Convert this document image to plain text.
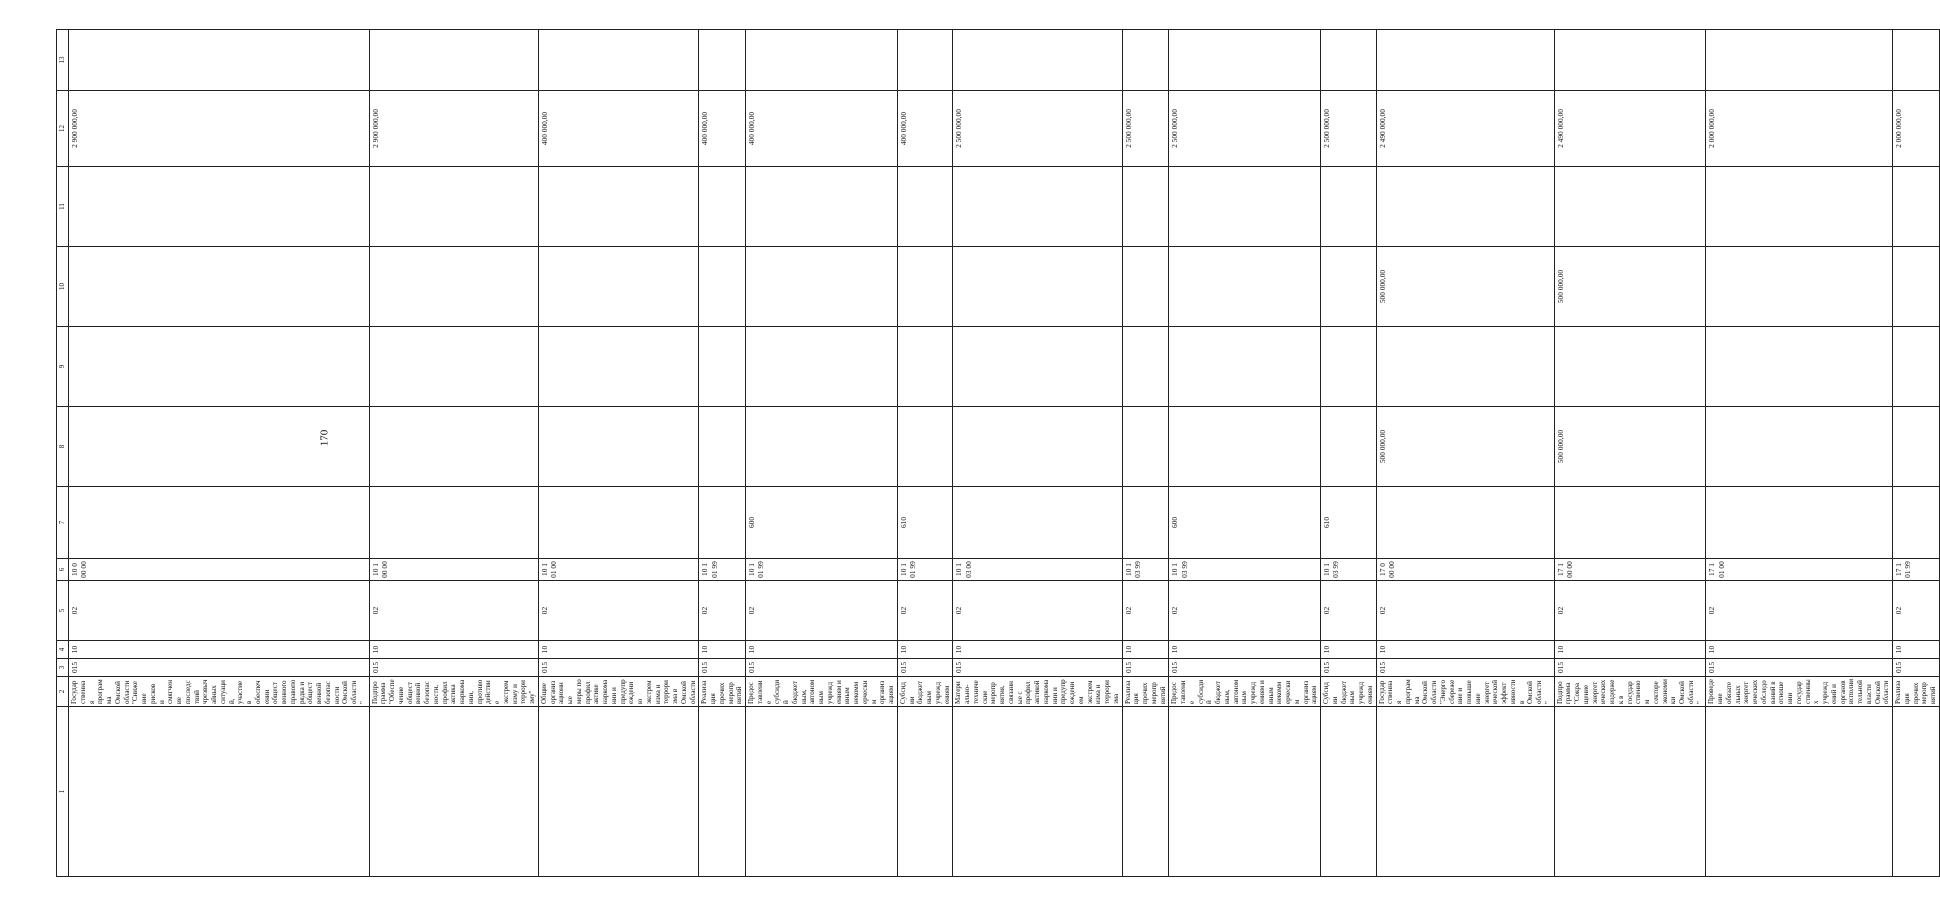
170
1	2	3	4	5	6	7	8	9	10	11	12	13
	Государственная программа Омской области "Снижение рисков и смягчение последствий чрезвычайных ситуаций, участие в обеспечении общественного правопорядка и общественной безопасности Омской области"	015	10	02	10 0 00 00						2 900 000,00	
	Подпрограмма "Обеспечение общественной безопасности, профилактика наркомании, противодействие экстремизму и терроризму"	015	10	02	10 1 00 00						2 900 000,00	
	Общие организационные меры по профилактике наркомании и предупреждению экстремизма и терроризма в Омской области	015	10	02	10 1 01 00						400 000,00	
	Реализация прочих мероприятий	015	10	02	10 1 01 99						400 000,00	
	Предоставление субсидий бюджетным, автономным учреждениям и иным некоммерческим организациям	015	10	02	10 1 01 99	600					400 000,00	
	Субсидии бюджетным учреждениям	015	10	02	10 1 01 99	610					400 000,00	
	Материально-технические мероприятия, связанные с профилактикой наркомании и предупреждением экстремизма и терроризма	015	10	02	10 1 03 00						2 500 000,00	
	Реализация прочих мероприятий	015	10	02	10 1 03 99						2 500 000,00	
	Предоставление субсидий бюджетным, автономным учреждениям и иным некоммерческим организациям	015	10	02	10 1 03 99	600					2 500 000,00	
	Субсидии бюджетным учреждениям	015	10	02	10 1 03 99	610					2 500 000,00	
	Государственная программа Омской области "Энергосбережение и повышение энергетической эффективности в Омской области"	015	10	02	17 0 00 00		500 000,00		500 000,00		2 490 000,00	
	Подпрограмма "Сокращение энергетических издержек в государственном секторе экономики Омской области"	015	10	02	17 1 00 00		500 000,00		500 000,00		2 490 000,00	
	Проведение обязательных энергетических обследований в отношении государственных учреждений и органов исполнительной власти Омской области	015	10	02	17 1 01 00						2 000 000,00	
	Реализация прочих мероприятий	015	10	02	17 1 01 99						2 000 000,00	
